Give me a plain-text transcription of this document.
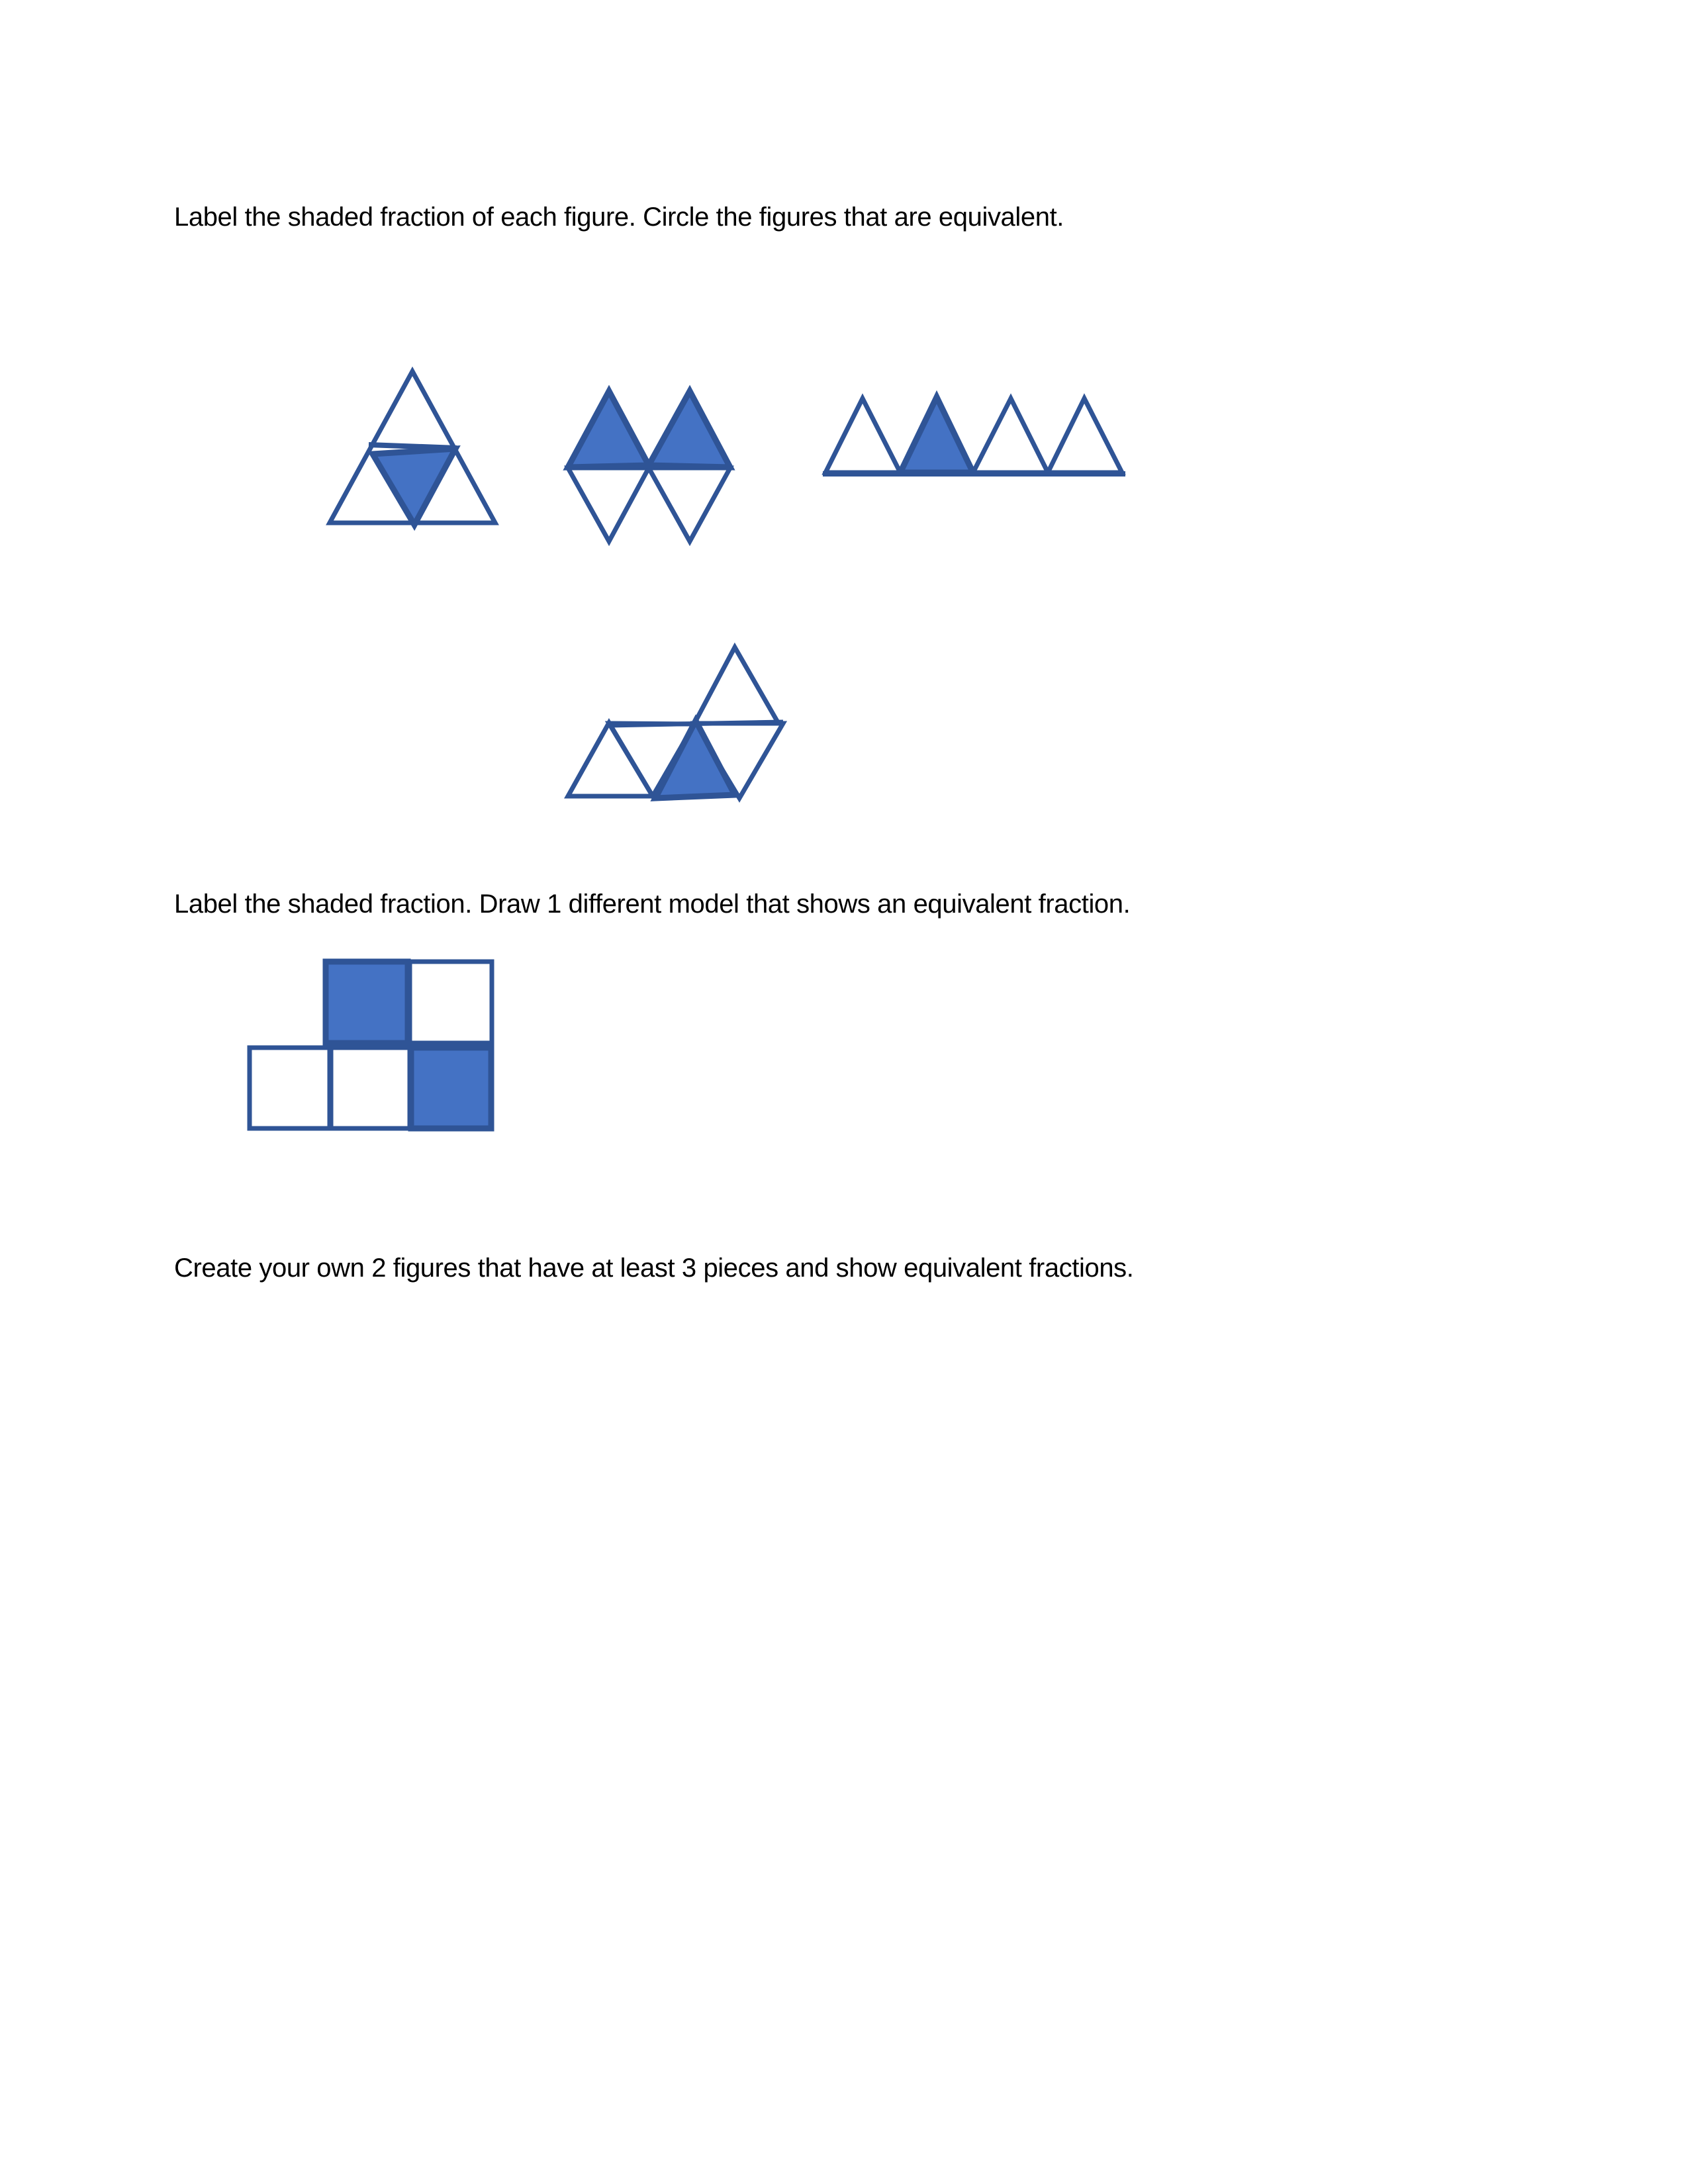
Label the shaded fraction of each figure. Circle the figures that are equivalent.

Label the shaded fraction. Draw 1 different model that shows an equivalent fraction.

Create your own 2 figures that have at least 3 pieces and show equivalent fractions.
